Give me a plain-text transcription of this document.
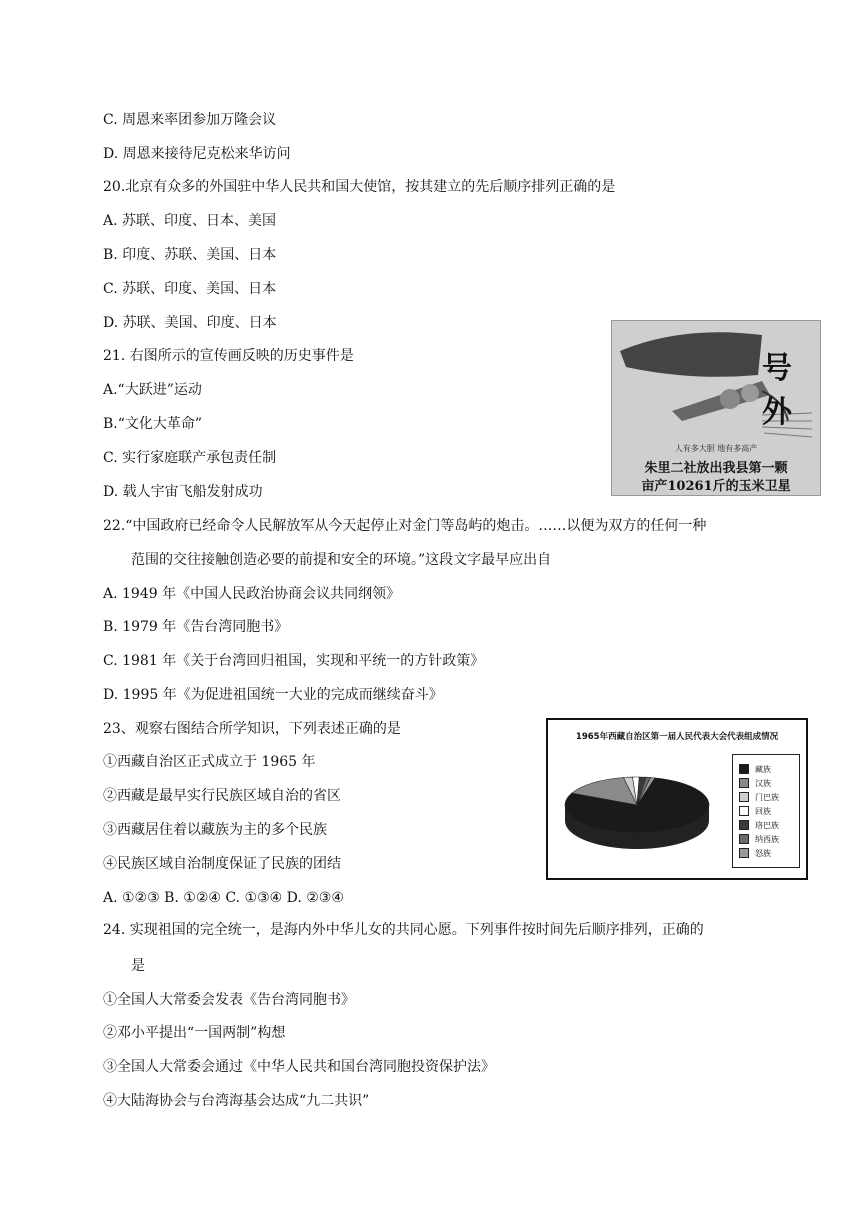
C. 周恩来率团参加万隆会议
D. 周恩来接待尼克松来华访问
20.北京有众多的外国驻中华人民共和国大使馆，按其建立的先后顺序排列正确的是
A. 苏联、印度、日本、美国
B. 印度、苏联、美国、日本
C. 苏联、印度、美国、日本
D. 苏联、美国、印度、日本
21. 右图所示的宣传画反映的历史事件是
A.“大跃进”运动
B.“文化大革命”
C. 实行家庭联产承包责任制
D. 载人宇宙飞船发射成功
22.“中国政府已经命令人民解放军从今天起停止对金门等岛屿的炮击。……以便为双方的任何一种
范围的交往接触创造必要的前提和安全的环境。”这段文字最早应出自
A. 1949 年《中国人民政治协商会议共同纲领》
B. 1979 年《告台湾同胞书》
C. 1981 年《关于台湾回归祖国，实现和平统一的方针政策》
D. 1995 年《为促进祖国统一大业的完成而继续奋斗》
23、观察右图结合所学知识，下列表述正确的是
①西藏自治区正式成立于 1965 年
②西藏是最早实行民族区域自治的省区
③西藏居住着以藏族为主的多个民族
④民族区域自治制度保证了民族的团结
A. ①②③ B. ①②④ C. ①③④ D. ②③④
24. 实现祖国的完全统一，是海内外中华儿女的共同心愿。下列事件按时间先后顺序排列，正确的
是
①全国人大常委会发表《告台湾同胞书》
②邓小平提出“一国两制”构想
③全国人大常委会通过《中华人民共和国台湾同胞投资保护法》
④大陆海协会与台湾海基会达成“九二共识”
号外
人有多大胆 地有多高产
朱里二社放出我县第一颗
亩产10261斤的玉米卫星
1965年西藏自治区第一届人民代表大会代表组成情况
藏族
汉族
门巴族
回族
珞巴族
纳西族
怒族
